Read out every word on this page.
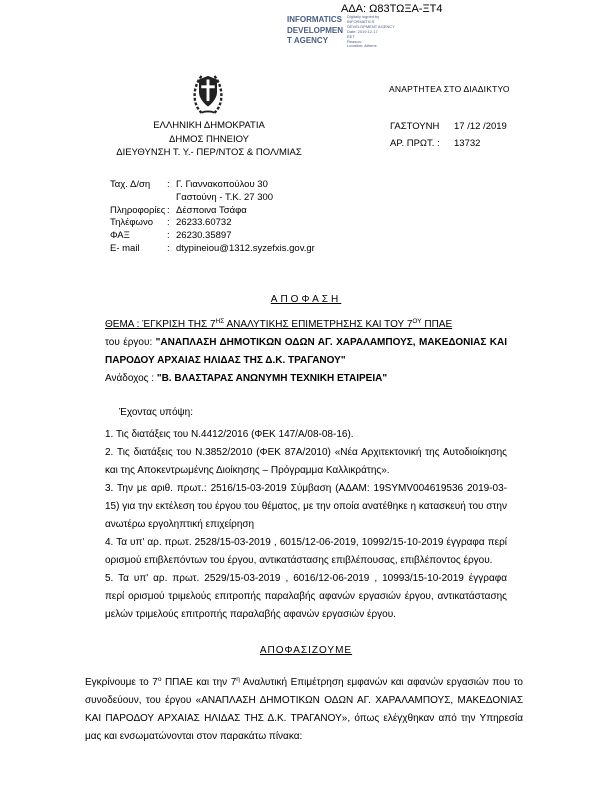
ΑΔΑ: Ω83ΤΩΞΑ-ΞΤ4
INFORMATICS
DEVELOPMEN
T AGENCY
Digitally signed by
INFORMATICS
DEVELOPMENT AGENCY
Date: 2019.12.17
EET
Reason:
Location: Athens
ΑΝΑΡΤΗΤΕΑ ΣΤΟ ΔΙΑΔΙΚΤΥΟ
ΕΛΛΗΝΙΚΗ ΔΗΜΟΚΡΑΤΙΑ
ΔΗΜΟΣ ΠΗΝΕΙΟΥ
ΔΙΕΥΘΥΝΣΗ Τ. Υ.- ΠΕΡ/ΝΤΟΣ & ΠΟΛ/ΜΙΑΣ
ΓΑΣΤΟΥΝΗ	17 /12 /2019
ΑΡ. ΠΡΩΤ. :	13732
Ταχ. Δ/ση	: Γ. Γιαννακοπούλου 30
Γαστούνη - Τ.Κ. 27 300
Πληροφορίες : Δέσποινα Τσάφα
Τηλέφωνο	: 26233.60732
ΦΑΞ	: 26230.35897
E- mail	: dtypineiou@1312.syzefxis.gov.gr

ΑΠΟΦΑΣΗ

ΘΕΜΑ : ΈΓΚΡΙΣΗ ΤΗΣ $7^{H\Sigma}$ ΑΝΑΛΥΤΙΚΗΣ ΕΠΙΜΕΤΡΗΣΗΣ ΚΑΙ ΤΟΥ $7^{O\Upsilon}$ ΠΠΑΕ

του έργου: "ΑΝΑΠΛΑΣΗ ΔΗΜΟΤΙΚΩΝ ΟΔΩΝ ΑΓ. ΧΑΡΑΛΑΜΠΟΥΣ, ΜΑΚΕΔΟΝΙΑΣ ΚΑΙ ΠΑΡΟΔΟΥ ΑΡΧΑΙΑΣ ΗΛΙΔΑΣ ΤΗΣ Δ.Κ. ΤΡΑΓΑΝΟΥ"

Ανάδοχος : "Β. ΒΛΑΣΤΑΡΑΣ ΑΝΩΝΥΜΗ ΤΕΧΝΙΚΗ ΕΤΑΙΡΕΙΑ"

Έχοντας υπόψη:

1. Τις διατάξεις του Ν.4412/2016 (ΦΕΚ 147/Α/08-08-16).

2. Τις διατάξεις του Ν.3852/2010 (ΦΕΚ 87Α/2010) «Νέα Αρχιτεκτονική της Αυτοδιοίκησης και της Αποκεντρωμένης Διοίκησης – Πρόγραμμα Καλλικράτης».

3. Την με αριθ. πρωτ.: 2516/15-03-2019 Σύμβαση (ΑΔΑΜ: 19SYMV004619536 2019-03-15) για την εκτέλεση του έργου του θέματος, με την οποία ανατέθηκε η κατασκευή του στην ανωτέρω εργοληπτική επιχείρηση

4. Τα υπ' αρ. πρωτ. 2528/15-03-2019 , 6015/12-06-2019, 10992/15-10-2019 έγγραφα περί ορισμού επιβλεπόντων του έργου, αντικατάστασης επιβλέπουσας, επιβλέποντος έργου.

5. Τα υπ' αρ. πρωτ. 2529/15-03-2019 , 6016/12-06-2019 , 10993/15-10-2019 έγγραφα περί ορισμού τριμελούς επιτροπής παραλαβής αφανών εργασιών έργου, αντικατάστασης μελών τριμελούς επιτροπής παραλαβής αφανών εργασιών έργου.

ΑΠΟΦΑΣΙΖΟΥΜΕ

Εγκρίνουμε το $7^o$ ΠΠΑΕ και την $7^\eta$ Αναλυτική Επιμέτρηση εμφανών και αφανών εργασιών που το συνοδεύουν, του έργου «ΑΝΑΠΛΑΣΗ ΔΗΜΟΤΙΚΩΝ ΟΔΩΝ ΑΓ. ΧΑΡΑΛΑΜΠΟΥΣ, ΜΑΚΕΔΟΝΙΑΣ ΚΑΙ ΠΑΡΟΔΟΥ ΑΡΧΑΙΑΣ ΗΛΙΔΑΣ ΤΗΣ Δ.Κ. ΤΡΑΓΑΝΟΥ», όπως ελέγχθηκαν από την Υπηρεσία μας και ενσωματώνονται στον παρακάτω πίνακα:
